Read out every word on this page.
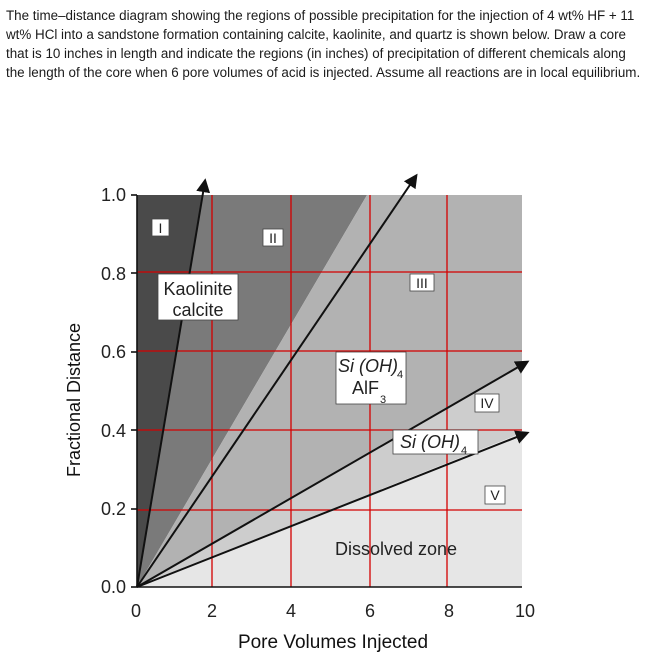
The time–distance diagram showing the regions of possible precipitation for the injection of 4 wt% HF + 11 wt% HCl into a sandstone formation containing calcite, kaolinite, and quartz is shown below. Draw a core that is 10 inches in length and indicate the regions (in inches) of precipitation of different chemicals along the length of the core when 6 pore volumes of acid is injected. Assume all reactions are in local equilibrium.

0.0
0.2
0.4
0.6
0.8
1.0
0	2	4	6	8	10
Pore Volumes Injected
Fractional Distance
I
II
III
IV
V
Kaolinite
calcite
Si (OH) 4
AlF
3
Si (OH) 4
Dissolved zone
